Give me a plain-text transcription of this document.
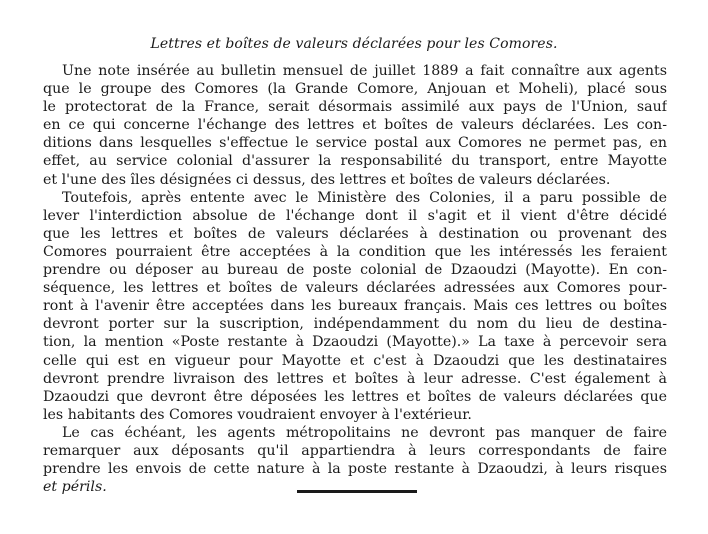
Lettres et boîtes de valeurs déclarées pour les Comores.
Une note insérée au bulletin mensuel de juillet 1889 a fait connaître aux agents
que le groupe des Comores (la Grande Comore, Anjouan et Moheli), placé sous
le protectorat de la France, serait désormais assimilé aux pays de l'Union, sauf
en ce qui concerne l'échange des lettres et boîtes de valeurs déclarées. Les con-
ditions dans lesquelles s'effectue le service postal aux Comores ne permet pas, en
effet, au service colonial d'assurer la responsabilité du transport, entre Mayotte
et l'une des îles désignées ci dessus, des lettres et boîtes de valeurs déclarées.
Toutefois, après entente avec le Ministère des Colonies, il a paru possible de
lever l'interdiction absolue de l'échange dont il s'agit et il vient d'être décidé
que les lettres et boîtes de valeurs déclarées à destination ou provenant des
Comores pourraient être acceptées à la condition que les intéressés les feraient
prendre ou déposer au bureau de poste colonial de Dzaoudzi (Mayotte). En con-
séquence, les lettres et boîtes de valeurs déclarées adressées aux Comores pour-
ront à l'avenir être acceptées dans les bureaux français. Mais ces lettres ou boîtes
devront porter sur la suscription, indépendamment du nom du lieu de destina-
tion, la mention «Poste restante à Dzaoudzi (Mayotte).» La taxe à percevoir sera
celle qui est en vigueur pour Mayotte et c'est à Dzaoudzi que les destinataires
devront prendre livraison des lettres et boîtes à leur adresse. C'est également à
Dzaoudzi que devront être déposées les lettres et boîtes de valeurs déclarées que
les habitants des Comores voudraient envoyer à l'extérieur.
Le cas échéant, les agents métropolitains ne devront pas manquer de faire
remarquer aux déposants qu'il appartiendra à leurs correspondants de faire
prendre les envois de cette nature à la poste restante à Dzaoudzi, à leurs risques
et périls.
